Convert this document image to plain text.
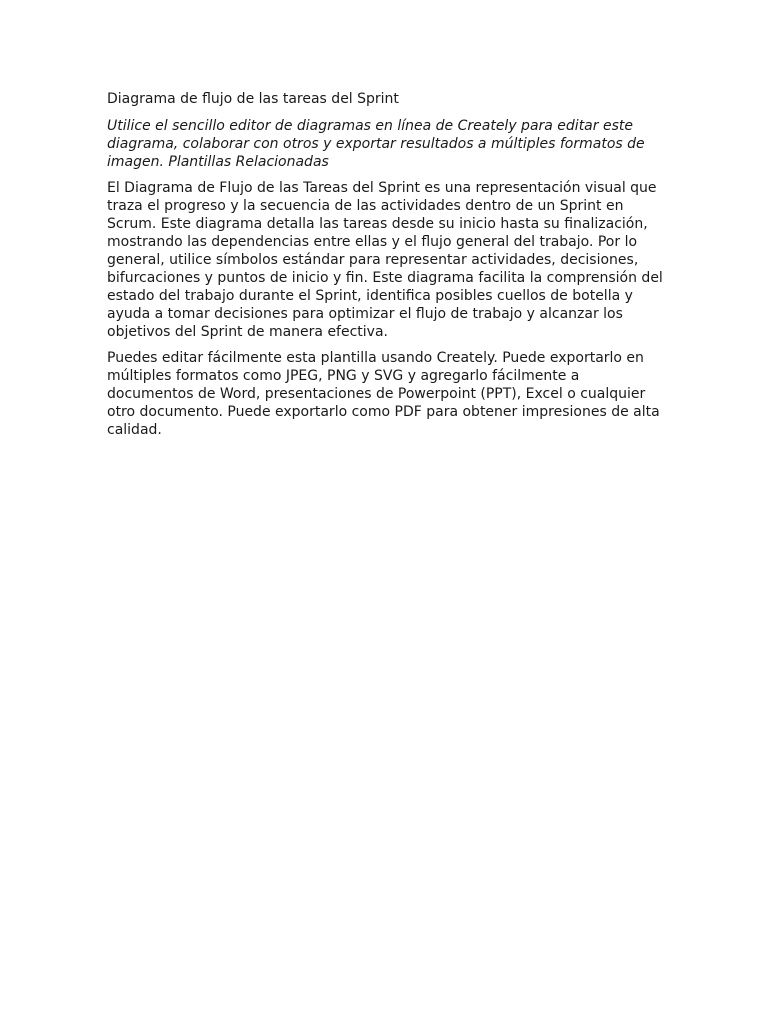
Diagrama de flujo de las tareas del Sprint

Utilice el sencillo editor de diagramas en línea de Creately para editar este diagrama, colaborar con otros y exportar resultados a múltiples formatos de imagen. Plantillas Relacionadas

El Diagrama de Flujo de las Tareas del Sprint es una representación visual que traza el progreso y la secuencia de las actividades dentro de un Sprint en Scrum. Este diagrama detalla las tareas desde su inicio hasta su finalización, mostrando las dependencias entre ellas y el flujo general del trabajo. Por lo general, utilice símbolos estándar para representar actividades, decisiones, bifurcaciones y puntos de inicio y fin. Este diagrama facilita la comprensión del estado del trabajo durante el Sprint, identifica posibles cuellos de botella y ayuda a tomar decisiones para optimizar el flujo de trabajo y alcanzar los objetivos del Sprint de manera efectiva.

Puedes editar fácilmente esta plantilla usando Creately. Puede exportarlo en múltiples formatos como JPEG, PNG y SVG y agregarlo fácilmente a documentos de Word, presentaciones de Powerpoint (PPT), Excel o cualquier otro documento. Puede exportarlo como PDF para obtener impresiones de alta calidad.
